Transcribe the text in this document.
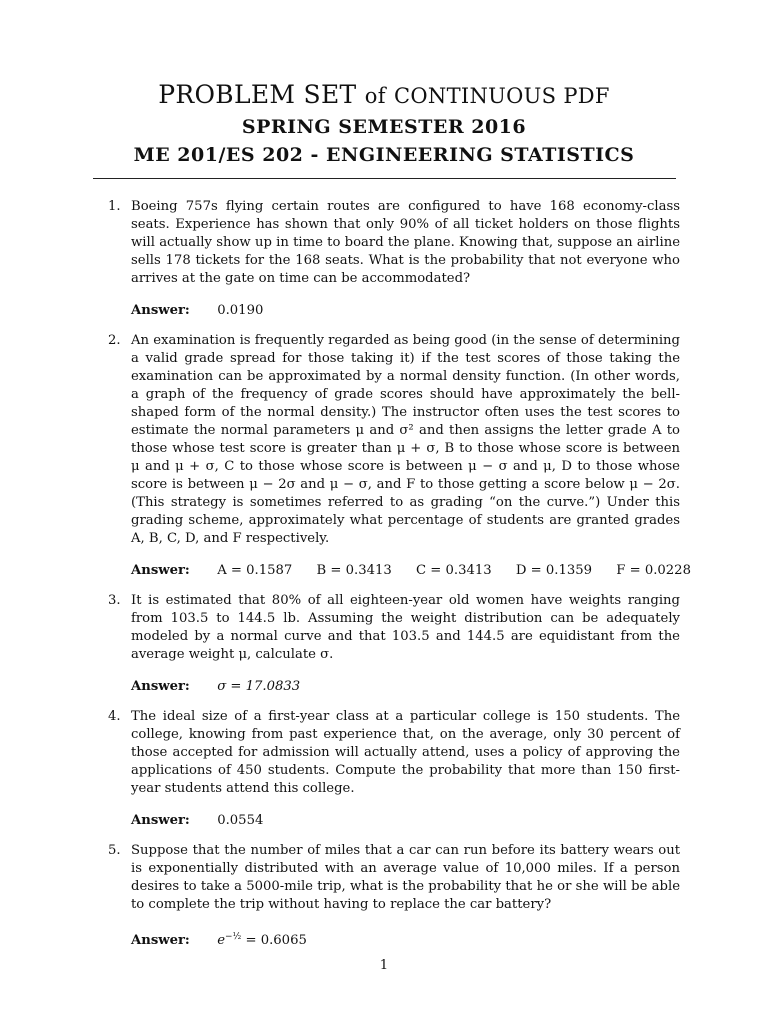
PROBLEM SET of CONTINUOUS PDF
SPRING SEMESTER 2016
ME 201/ES 202 - ENGINEERING STATISTICS
1. Boeing 757s flying certain routes are configured to have 168 economy-class seats. Experience has shown that only 90% of all ticket holders on those flights will actually show up in time to board the plane. Knowing that, suppose an airline sells 178 tickets for the 168 seats. What is the probability that not everyone who arrives at the gate on time can be accommodated?
Answer: 0.0190
2. An examination is frequently regarded as being good (in the sense of determining a valid grade spread for those taking it) if the test scores of those taking the examination can be approximated by a normal density function. (In other words, a graph of the frequency of grade scores should have approximately the bell-shaped form of the normal density.) The instructor often uses the test scores to estimate the normal parameters μ and σ² and then assigns the letter grade A to those whose test score is greater than μ + σ, B to those whose score is between μ and μ + σ, C to those whose score is between μ − σ and μ, D to those whose score is between μ − 2σ and μ − σ, and F to those getting a score below μ − 2σ. (This strategy is sometimes referred to as grading “on the curve.”) Under this grading scheme, approximately what percentage of students are granted grades A, B, C, D, and F respectively.
Answer: A = 0.1587 B = 0.3413 C = 0.3413 D = 0.1359 F = 0.0228
3. It is estimated that 80% of all eighteen-year old women have weights ranging from 103.5 to 144.5 lb. Assuming the weight distribution can be adequately modeled by a normal curve and that 103.5 and 144.5 are equidistant from the average weight μ, calculate σ.
Answer: σ = 17.0833
4. The ideal size of a first-year class at a particular college is 150 students. The college, knowing from past experience that, on the average, only 30 percent of those accepted for admission will actually attend, uses a policy of approving the applications of 450 students. Compute the probability that more than 150 first-year students attend this college.
Answer: 0.0554
5. Suppose that the number of miles that a car can run before its battery wears out is exponentially distributed with an average value of 10,000 miles. If a person desires to take a 5000-mile trip, what is the probability that he or she will be able to complete the trip without having to replace the car battery?
Answer: $e^{-\frac{1}{2}} = 0.6065$
1
